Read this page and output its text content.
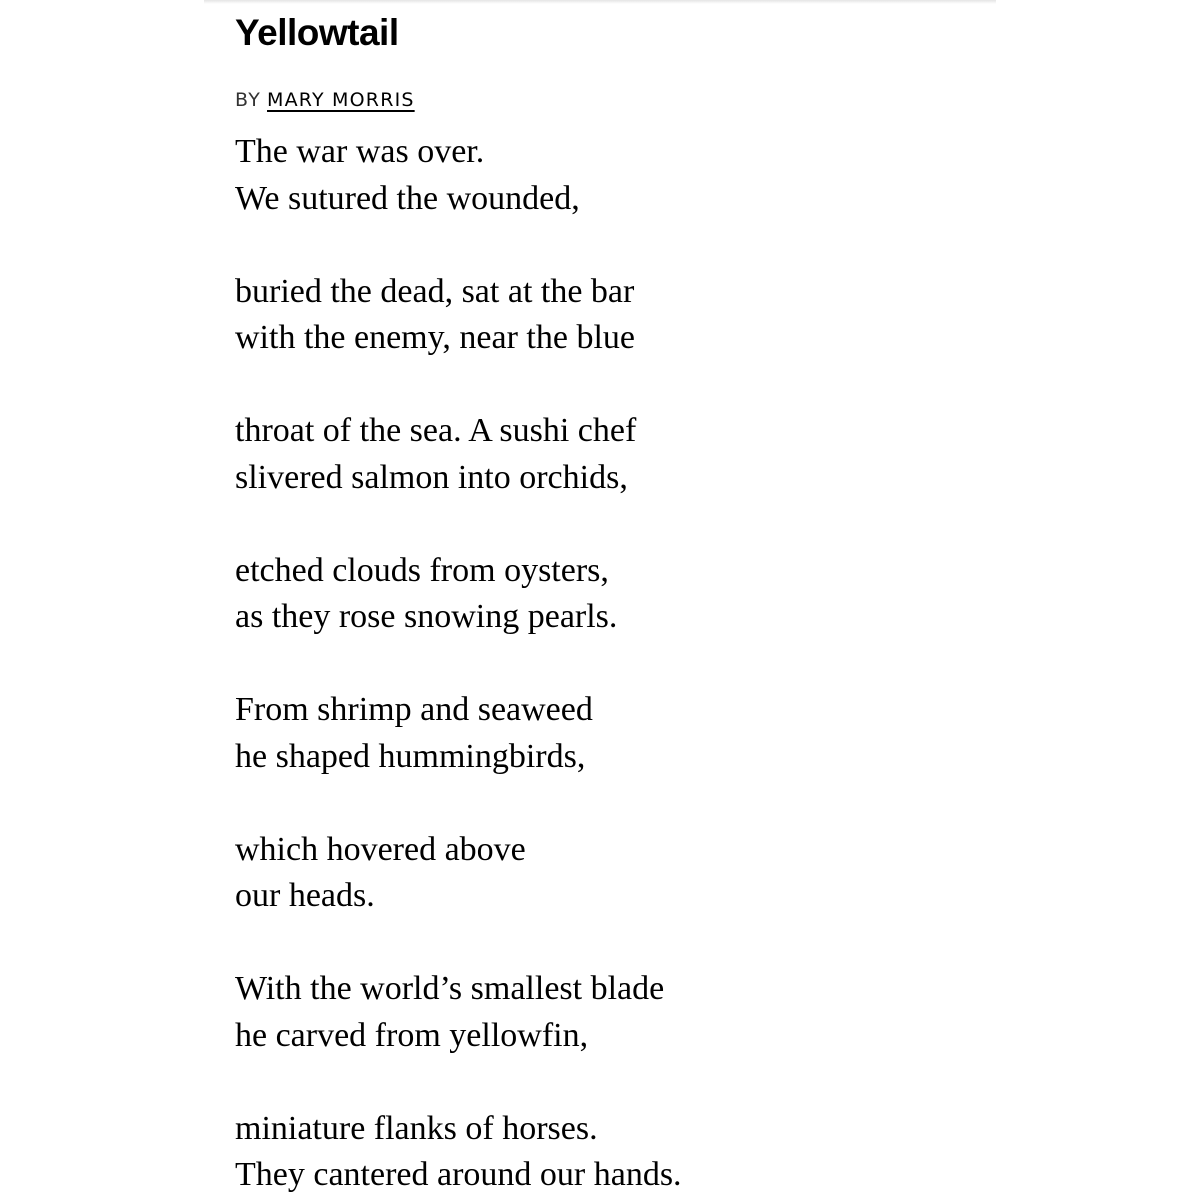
Yellowtail
BY MARY MORRIS
The war was over.
We sutured the wounded,
buried the dead, sat at the bar
with the enemy, near the blue
throat of the sea. A sushi chef
slivered salmon into orchids,
etched clouds from oysters,
as they rose snowing pearls.
From shrimp and seaweed
he shaped hummingbirds,
which hovered above
our heads.
With the world’s smallest blade
he carved from yellowfin,
miniature flanks of horses.
They cantered around our hands.
